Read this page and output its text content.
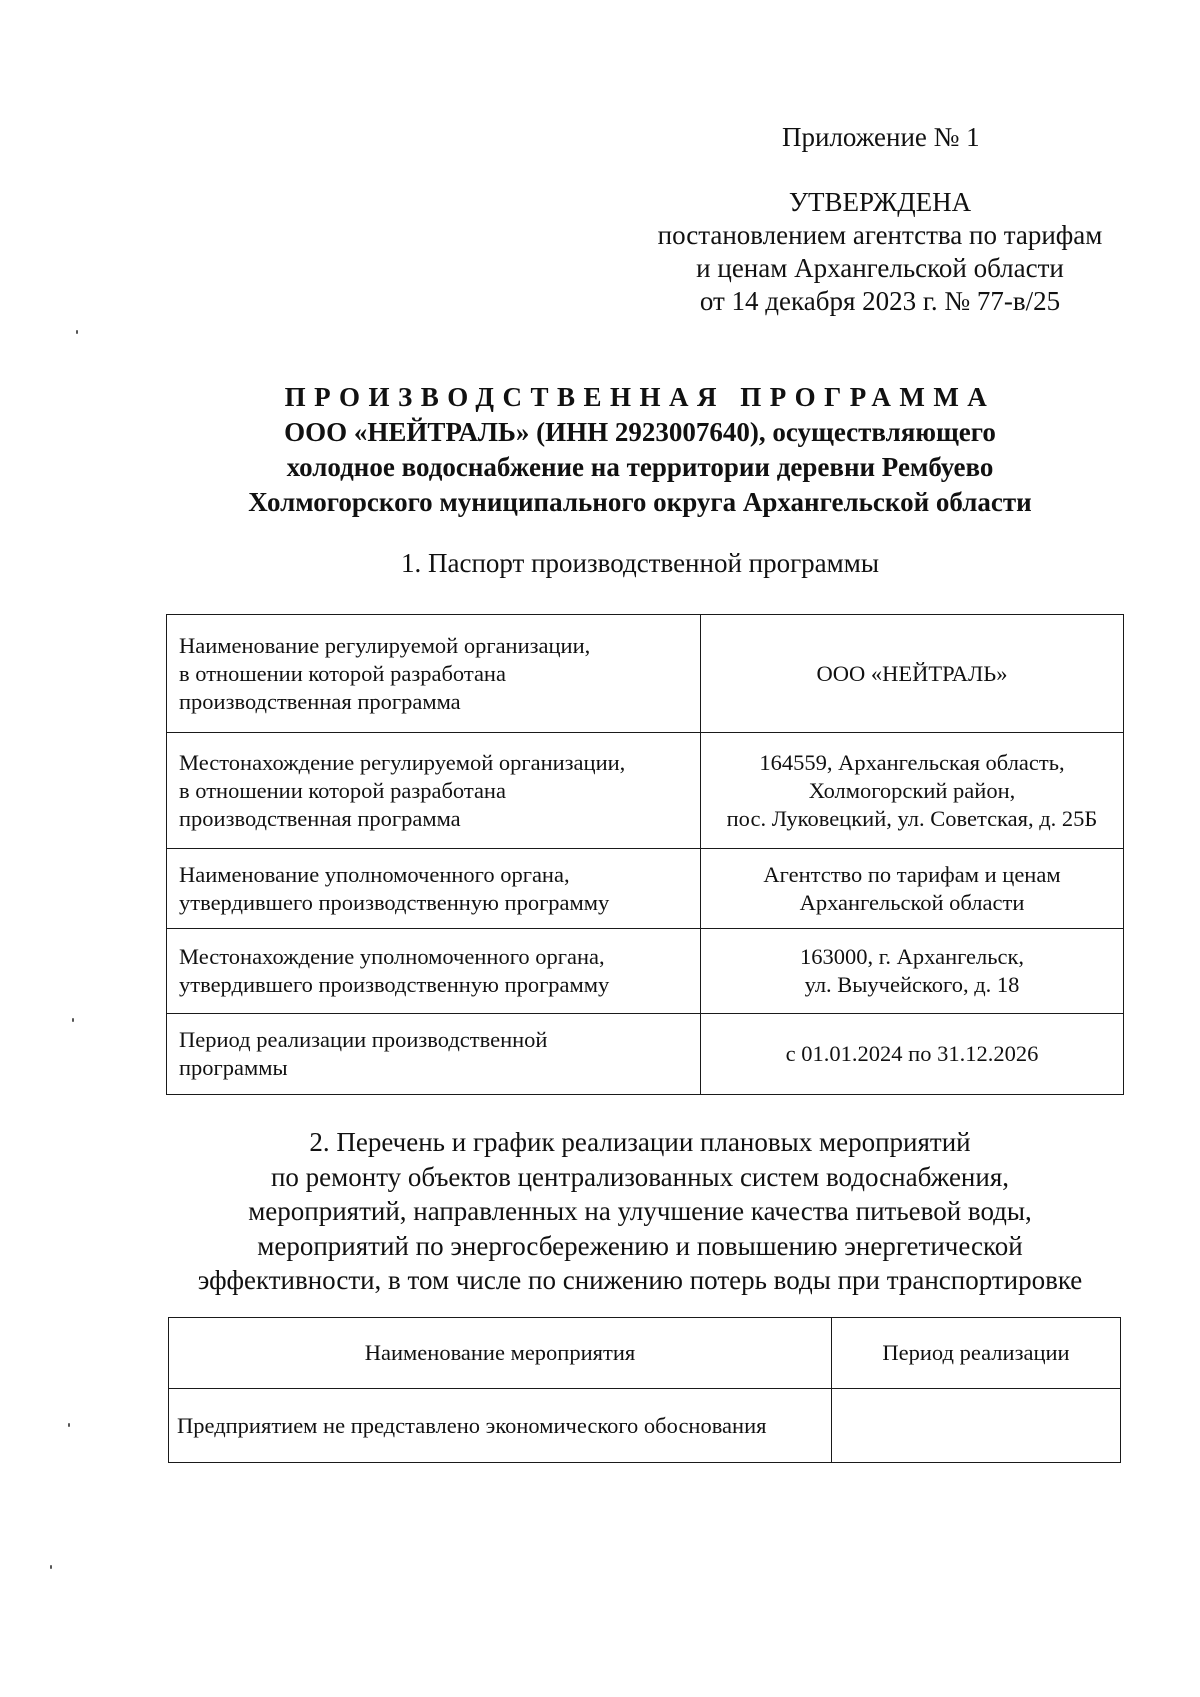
Приложение № 1
УТВЕРЖДЕНА
постановлением агентства по тарифам
и ценам Архангельской области
от 14 декабря 2023 г. № 77-в/25
ПРОИЗВОДСТВЕННАЯ ПРОГРАММА
ООО «НЕЙТРАЛЬ» (ИНН 2923007640), осуществляющего
холодное водоснабжение на территории деревни Рембуево
Холмогорского муниципального округа Архангельской области
1. Паспорт производственной программы
Наименование регулируемой организации,
в отношении которой разработана
производственная программа	ООО «НЕЙТРАЛЬ»

Местонахождение регулируемой организации,
в отношении которой разработана
производственная программа	164559, Архангельская область,
Холмогорский район,
пос. Луковецкий, ул. Советская, д. 25Б

Наименование уполномоченного органа,
утвердившего производственную программу	Агентство по тарифам и ценам
Архангельской области

Местонахождение уполномоченного органа,
утвердившего производственную программу	163000, г. Архангельск,
ул. Выучейского, д. 18

Период реализации производственной
программы	с 01.01.2024 по 31.12.2026
2. Перечень и график реализации плановых мероприятий
по ремонту объектов централизованных систем водоснабжения,
мероприятий, направленных на улучшение качества питьевой воды,
мероприятий по энергосбережению и повышению энергетической
эффективности, в том числе по снижению потерь воды при транспортировке
Наименование мероприятия	Период реализации
Предприятием не представлено экономического обоснования	
